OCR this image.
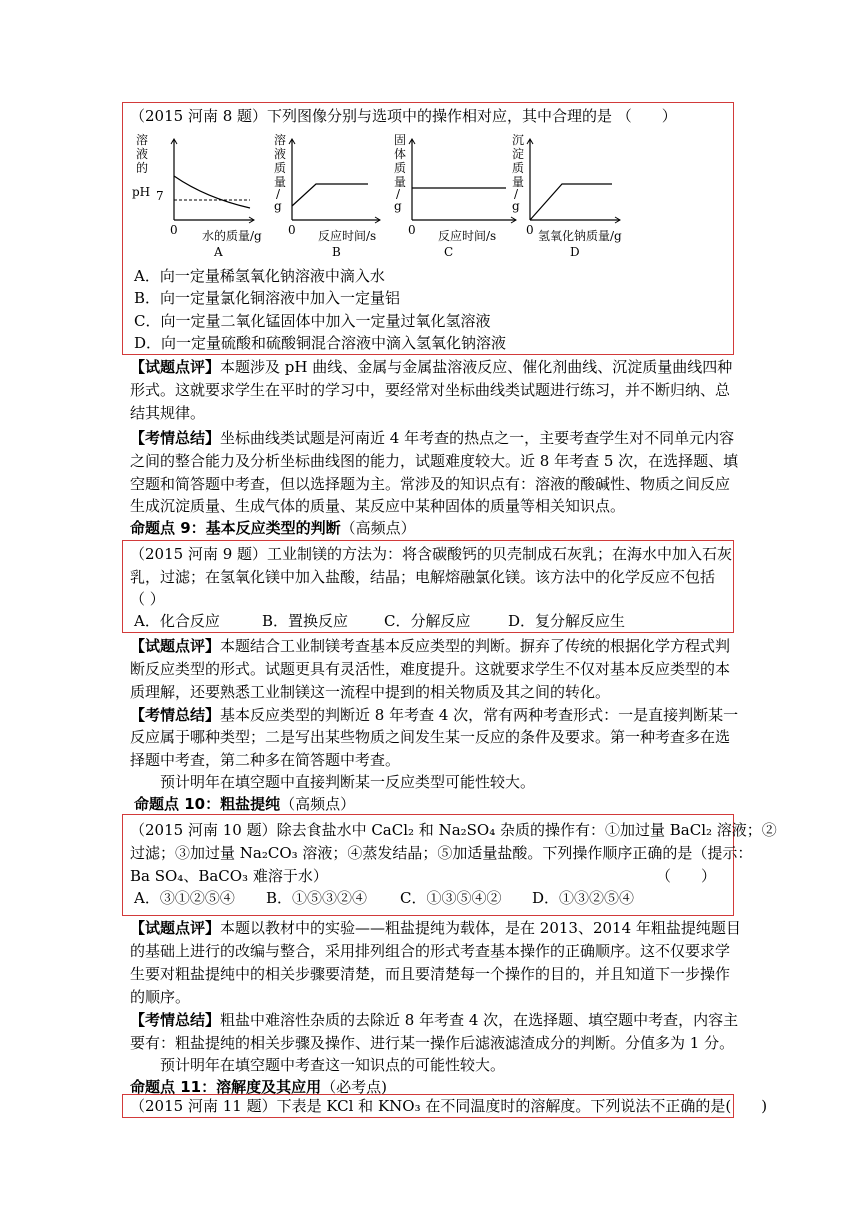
（2015 河南 8 题）下列图像分别与选项中的操作相对应，其中合理的是 （　　）
溶
液
的
pH 7
0 水的质量/g
A
溶
液
质
量
/
g
0 反应时间/s
B
固
体
质
量
/
g
0 反应时间/s
C
沉
淀
质
量
/
g
0 氢氧化钠质量/g
D
A．向一定量稀氢氧化钠溶液中滴入水
B．向一定量氯化铜溶液中加入一定量铝
C．向一定量二氧化锰固体中加入一定量过氧化氢溶液
D．向一定量硫酸和硫酸铜混合溶液中滴入氢氧化钠溶液
【试题点评】本题涉及 pH 曲线、金属与金属盐溶液反应、催化剂曲线、沉淀质量曲线四种
形式。这就要求学生在平时的学习中，要经常对坐标曲线类试题进行练习，并不断归纳、总
结其规律。
【考情总结】坐标曲线类试题是河南近 4 年考查的热点之一，主要考查学生对不同单元内容
之间的整合能力及分析坐标曲线图的能力，试题难度较大。近 8 年考查 5 次，在选择题、填
空题和简答题中考查，但以选择题为主。常涉及的知识点有：溶液的酸碱性、物质之间反应
生成沉淀质量、生成气体的质量、某反应中某种固体的质量等相关知识点。
命题点 9：基本反应类型的判断（高频点）
（2015 河南 9 题）工业制镁的方法为：将含碳酸钙的贝壳制成石灰乳；在海水中加入石灰
乳，过滤；在氢氧化镁中加入盐酸，结晶；电解熔融氯化镁。该方法中的化学反应不包括
（ ）
A．化合反应	B．置换反应 C．分解反应	D．复分解反应生
【试题点评】本题结合工业制镁考查基本反应类型的判断。摒弃了传统的根据化学方程式判
断反应类型的形式。试题更具有灵活性，难度提升。这就要求学生不仅对基本反应类型的本
质理解，还要熟悉工业制镁这一流程中提到的相关物质及其之间的转化。
【考情总结】基本反应类型的判断近 8 年考查 4 次，常有两种考查形式：一是直接判断某一
反应属于哪种类型；二是写出某些物质之间发生某一反应的条件及要求。第一种考查多在选
择题中考查，第二种多在简答题中考查。
预计明年在填空题中直接判断某一反应类型可能性较大。
命题点 10：粗盐提纯（高频点）
（2015 河南 10 题）除去食盐水中 CaCl₂ 和 Na₂SO₄ 杂质的操作有：①加过量 BaCl₂ 溶液；②
过滤；③加过量 Na₂CO₃ 溶液；④蒸发结晶；⑤加适量盐酸。下列操作顺序正确的是（提示：
Ba SO₄、BaCO₃ 难溶于水）	（　　）
A．③①②⑤④ B．①⑤③②④ C．①③⑤④② D．①③②⑤④
【试题点评】本题以教材中的实验——粗盐提纯为载体，是在 2013、2014 年粗盐提纯题目
的基础上进行的改编与整合，采用排列组合的形式考查基本操作的正确顺序。这不仅要求学
生要对粗盐提纯中的相关步骤要清楚，而且要清楚每一个操作的目的，并且知道下一步操作
的顺序。
【考情总结】粗盐中难溶性杂质的去除近 8 年考查 4 次，在选择题、填空题中考查，内容主
要有：粗盐提纯的相关步骤及操作、进行某一操作后滤液滤渣成分的判断。分值多为 1 分。
预计明年在填空题中考查这一知识点的可能性较大。
命题点 11：溶解度及其应用（必考点)
（2015 河南 11 题）下表是 KCl 和 KNO₃ 在不同温度时的溶解度。下列说法不正确的是(　　)
